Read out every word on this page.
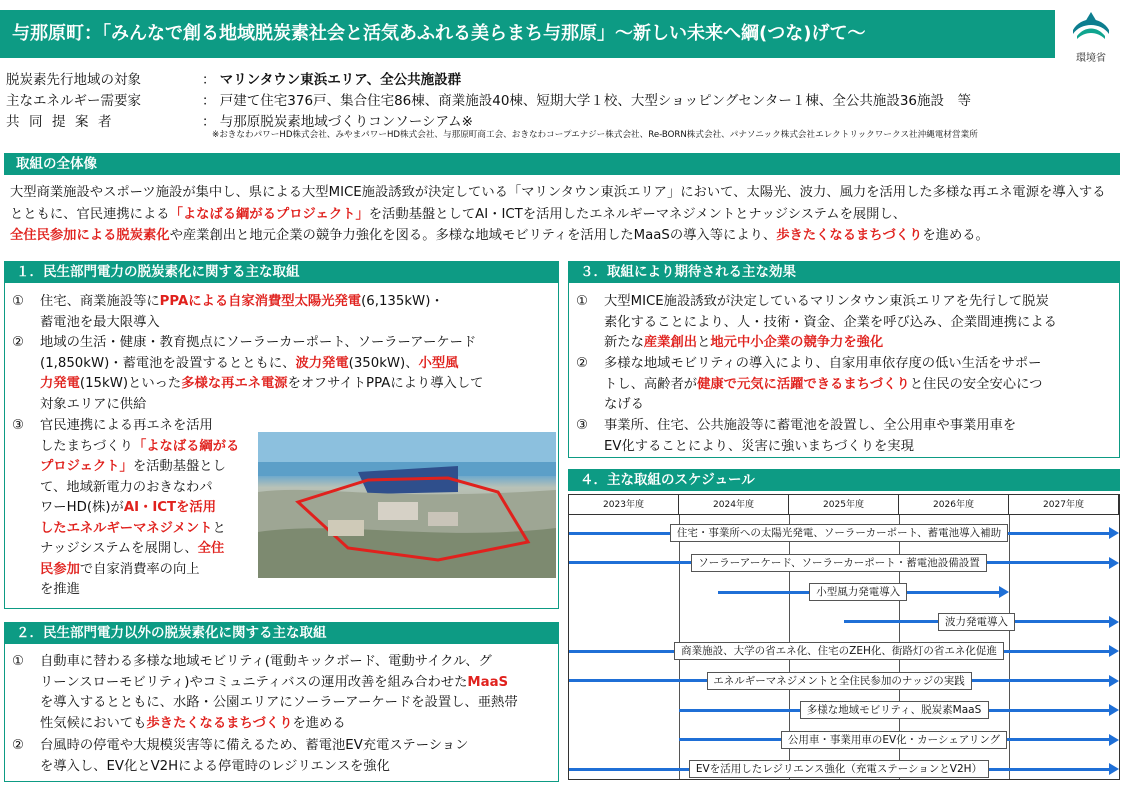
与那原町：「みんなで創る地域脱炭素社会と活気あふれる美らまち与那原」～新しい未来へ綱(つな)げて～
環境省
脱炭素先行地域の対象	： マリンタウン東浜エリア、全公共施設群
主なエネルギー需要家	： 戸建て住宅376戸、集合住宅86棟、商業施設40棟、短期大学１校、大型ショッピングセンター１棟、全公共施設36施設　等
共同提案者	： 与那原脱炭素地域づくりコンソーシアム※
※おきなわパワーHD株式会社、みやまパワーHD株式会社、与那原町商工会、おきなわコープエナジー株式会社、Re-BORN株式会社、パナソニック株式会社エレクトリックワークス社沖縄電材営業所
取組の全体像
大型商業施設やスポーツ施設が集中し、県による大型MICE施設誘致が決定している「マリンタウン東浜エリア」において、太陽光、波力、風力を活用した多様な再エネ電源を導入するとともに、官民連携による「よなばる綱がるプロジェクト」を活動基盤としてAI・ICTを活用したエネルギーマネジメントとナッジシステムを展開し、
全住民参加による脱炭素化や産業創出と地元企業の競争力強化を図る。多様な地域モビリティを活用したMaaSの導入等により、歩きたくなるまちづくりを進める。
１．民生部門電力の脱炭素化に関する主な取組
① 住宅、商業施設等にPPAによる自家消費型太陽光発電(6,135kW)・
蓄電池を最大限導入
② 地域の生活・健康・教育拠点にソーラーカーポート、ソーラーアーケード
(1,850kW)・蓄電池を設置するとともに、波力発電(350kW)、小型風
力発電(15kW)といった多様な再エネ電源をオフサイトPPAにより導入して
対象エリアに供給
③ 官民連携による再エネを活用
したまちづくり「よなばる綱がる
プロジェクト」を活動基盤とし
て、地域新電力のおきなわパ
ワーHD(株)がAI・ICTを活用
したエネルギーマネジメントと
ナッジシステムを展開し、全住
民参加で自家消費率の向上
を推進
２．民生部門電力以外の脱炭素化に関する主な取組
① 自動車に替わる多様な地域モビリティ(電動キックボード、電動サイクル、グ
リーンスローモビリティ)やコミュニティバスの運用改善を組み合わせたMaaS
を導入するとともに、水路・公園エリアにソーラーアーケードを設置し、亜熱帯
性気候においても歩きたくなるまちづくりを進める
② 台風時の停電や大規模災害等に備えるため、蓄電池EV充電ステーション
を導入し、EV化とV2Hによる停電時のレジリエンスを強化
３．取組により期待される主な効果
① 大型MICE施設誘致が決定しているマリンタウン東浜エリアを先行して脱炭
素化することにより、人・技術・資金、企業を呼び込み、企業間連携による
新たな産業創出と地元中小企業の競争力を強化
② 多様な地域モビリティの導入により、自家用車依存度の低い生活をサポー
トし、高齢者が健康で元気に活躍できるまちづくりと住民の安全安心につ
なげる
③ 事業所、住宅、公共施設等に蓄電池を設置し、全公用車や事業用車を
EV化することにより、災害に強いまちづくりを実現
４．主な取組のスケジュール
2023年度	2024年度	2025年度	2026年度	2027年度
住宅・事業所への太陽光発電、ソーラーカーポート、蓄電池導入補助
ソーラーアーケード、ソーラーカーポート・蓄電池設備設置
小型風力発電導入
波力発電導入
商業施設、大学の省エネ化、住宅のZEH化、街路灯の省エネ化促進
エネルギーマネジメントと全住民参加のナッジの実践
多様な地域モビリティ、脱炭素MaaS
公用車・事業用車のEV化・カーシェアリング
EVを活用したレジリエンス強化（充電ステーションとV2H）
